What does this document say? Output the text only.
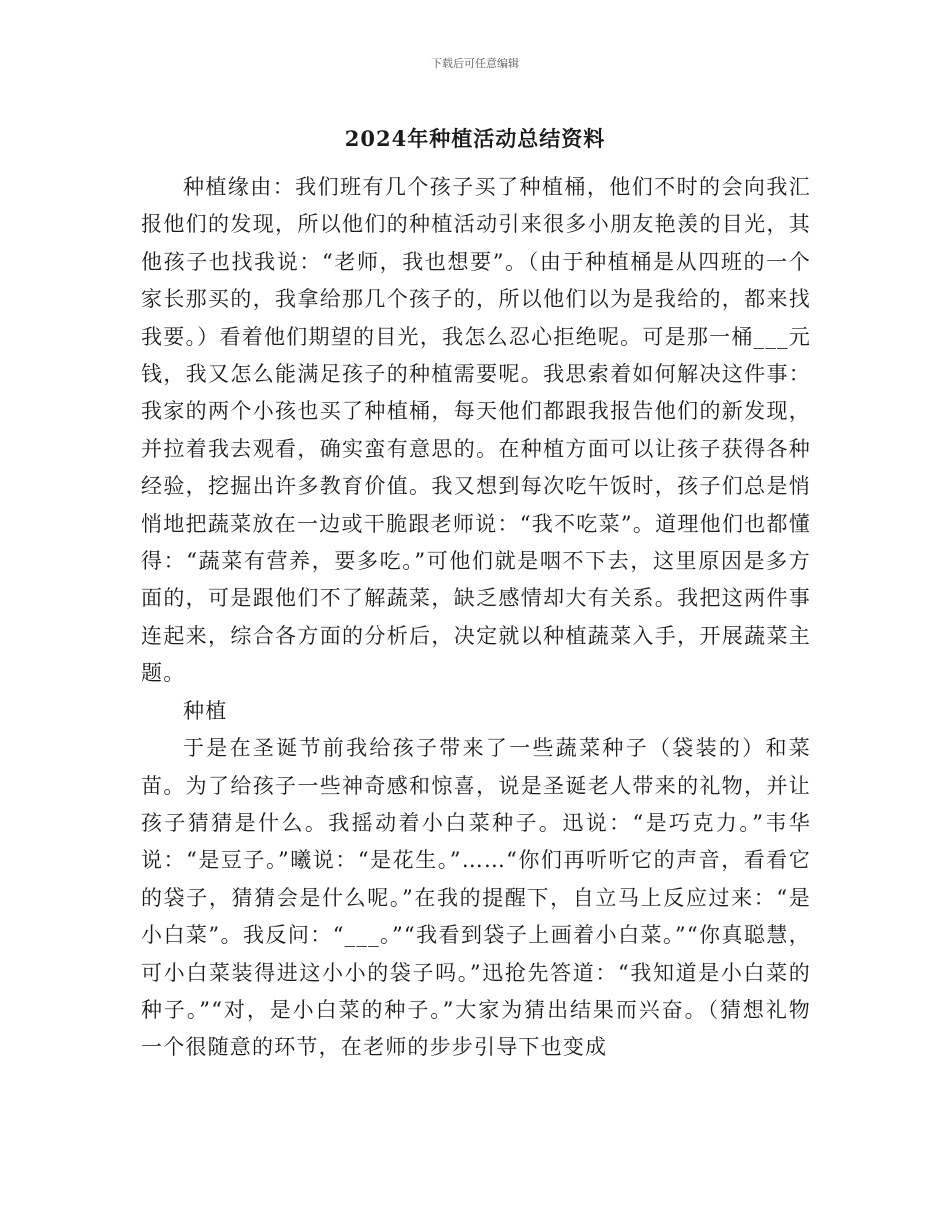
下载后可任意编辑
2024年种植活动总结资料

种植缘由：我们班有几个孩子买了种植桶，他们不时的会向我汇报他们的发现，所以他们的种植活动引来很多小朋友艳羡的目光，其他孩子也找我说：“老师，我也想要”。（由于种植桶是从四班的一个家长那买的，我拿给那几个孩子的，所以他们以为是我给的，都来找我要。）看着他们期望的目光，我怎么忍心拒绝呢。可是那一桶___元钱，我又怎么能满足孩子的种植需要呢。我思索着如何解决这件事：我家的两个小孩也买了种植桶，每天他们都跟我报告他们的新发现，并拉着我去观看，确实蛮有意思的。在种植方面可以让孩子获得各种经验，挖掘出许多教育价值。我又想到每次吃午饭时，孩子们总是悄悄地把蔬菜放在一边或干脆跟老师说：“我不吃菜”。道理他们也都懂得：“蔬菜有营养，要多吃。”可他们就是咽不下去，这里原因是多方面的，可是跟他们不了解蔬菜，缺乏感情却大有关系。我把这两件事连起来，综合各方面的分析后，决定就以种植蔬菜入手，开展蔬菜主题。

种植

于是在圣诞节前我给孩子带来了一些蔬菜种子（袋装的）和菜苗。为了给孩子一些神奇感和惊喜，说是圣诞老人带来的礼物，并让孩子猜猜是什么。我摇动着小白菜种子。迅说：“是巧克力。”韦华说：“是豆子。”曦说：“是花生。”……“你们再听听它的声音，看看它的袋子，猜猜会是什么呢。”在我的提醒下，自立马上反应过来：“是小白菜”。我反问：“___。”“我看到袋子上画着小白菜。”“你真聪慧，可小白菜装得进这小小的袋子吗。”迅抢先答道：“我知道是小白菜的种子。”“对，是小白菜的种子。”大家为猜出结果而兴奋。（猜想礼物一个很随意的环节，在老师的步步引导下也变成
